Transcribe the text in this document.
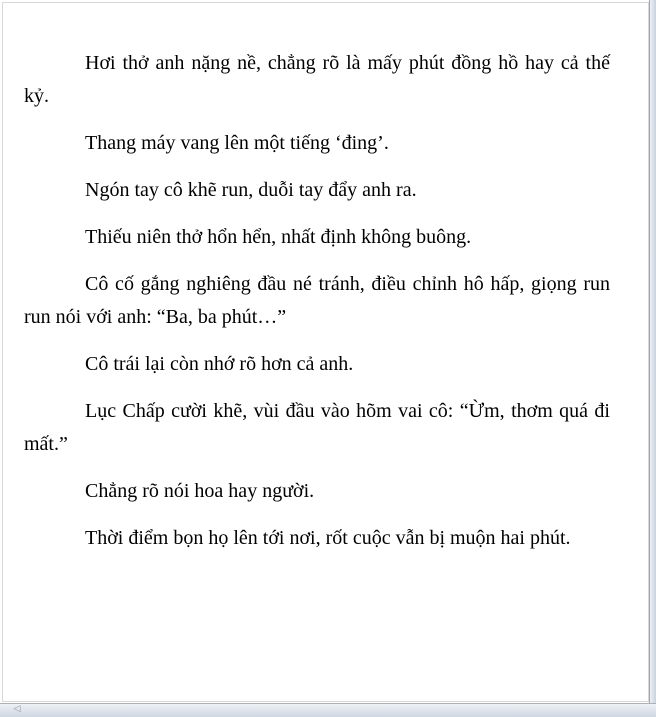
Hơi thở anh nặng nề, chẳng rõ là mấy phút đồng hồ hay cả thế kỷ.

Thang máy vang lên một tiếng ‘đing’.

Ngón tay cô khẽ run, duỗi tay đẩy anh ra.

Thiếu niên thở hổn hển, nhất định không buông.

Cô cố gắng nghiêng đầu né tránh, điều chỉnh hô hấp, giọng run run nói với anh: “Ba, ba phút…”

Cô trái lại còn nhớ rõ hơn cả anh.

Lục Chấp cười khẽ, vùi đầu vào hõm vai cô: “Ừm, thơm quá đi mất.”

Chẳng rõ nói hoa hay người.

Thời điểm bọn họ lên tới nơi, rốt cuộc vẫn bị muộn hai phút.

◁
